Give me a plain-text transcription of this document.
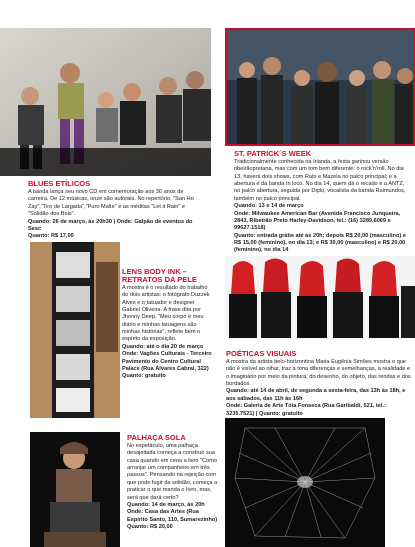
BLUES ETÍLICOS

A banda lança seu novo CD em comemoração aos 30 anos de carreira. De 12 músicas, onze são autorais. No repertório, "San Ho Zay","Tiro de Largada","Puro Malte" e as inéditas "Let it Rain" e "Solidão dos Bois".

Quando: 26 de março, às 20h30 | Onde: Galpão de eventos do Sesc

Quanto: R$ 17,00

ST. PATRICK´S WEEK

Tradicionalmente conhecida na Irlanda, a festa ganhou versão ribeirãopretana, mas com um tom bem diferente: o rock'n'roll. No dia 13, haverá dois shows, com Rats e Mazela no palco principal; e a abertura é da banda In loco. No dia 14, quem dá o recado é a ANTZ, no palco abertura, seguida por Diplo, vocalista da banda Raimundos, também no palco principal.

Quando: 13 e 14 de março

Onde: Milwaukee American Bar (Avenida Francisco Junqueira, 2843, Ribeirão Preto Harley-Davidson, tel.: (16) 3289.6069 e 99627.1518)

Quanto: entrada grátis até às 20h; depois R$ 20,00 (masculino) e R$ 15,00 (feminino), no dia 13; e R$ 30,00 (masculino) e R$ 20,00 (feminino), no dia 14

LENS BODY INK – RETRATOS DA PELE

A mostra é o resultado do trabalho do dois artistas: o fotógrafo Duzzek Alves e o tatuador e designer Gabriel Oliveira. A frase dita por Jhonny Deep, "Meu corpo é meu diário e minhas tatuagens são minhas histórias", reflete bem o espírito da exposição.

Quando: até o dia 20 de março

Onde: Vagões Culturais - Terceiro Pavimento do Centro Cultural Palace (Rua Álvares Cabral, 322)

Quanto: gratuito

POÉTICAS VISUAIS

A mostra da artista belo-horizontina Maria Eugênia Simões mostra o que não é visível ao olhar, traz a tona diferenças e semelhanças, a realidade e o imaginário por meio da pintura, do desenho, do objeto, das rendas e dos bordados.

Quando: até 14 de abril, de segunda a sexta-feira, das 13h às 18h, e aos sábados, das 11h às 16h

Onde: Galeria de Arte Tóia Fonseca (Rua Garibaldi, 521, tel.: 3235.7521) | Quanto: gratuito

PALHAÇA SOLA

No espetáculo, uma palhaça desajeitada começa a construir sua casa quando em cena a livro "Como arranjar um companheiro em três passos". Pensando na rejeição com que pode fugir da solidão, começa a praticar o que manda o livro, mas, será que dará certo?

Quando: 14 de março, às 20h

Onde: Casa das Artes (Rua Espírito Santo, 110, Sumarezinho)

Quanto: R$ 20,00
